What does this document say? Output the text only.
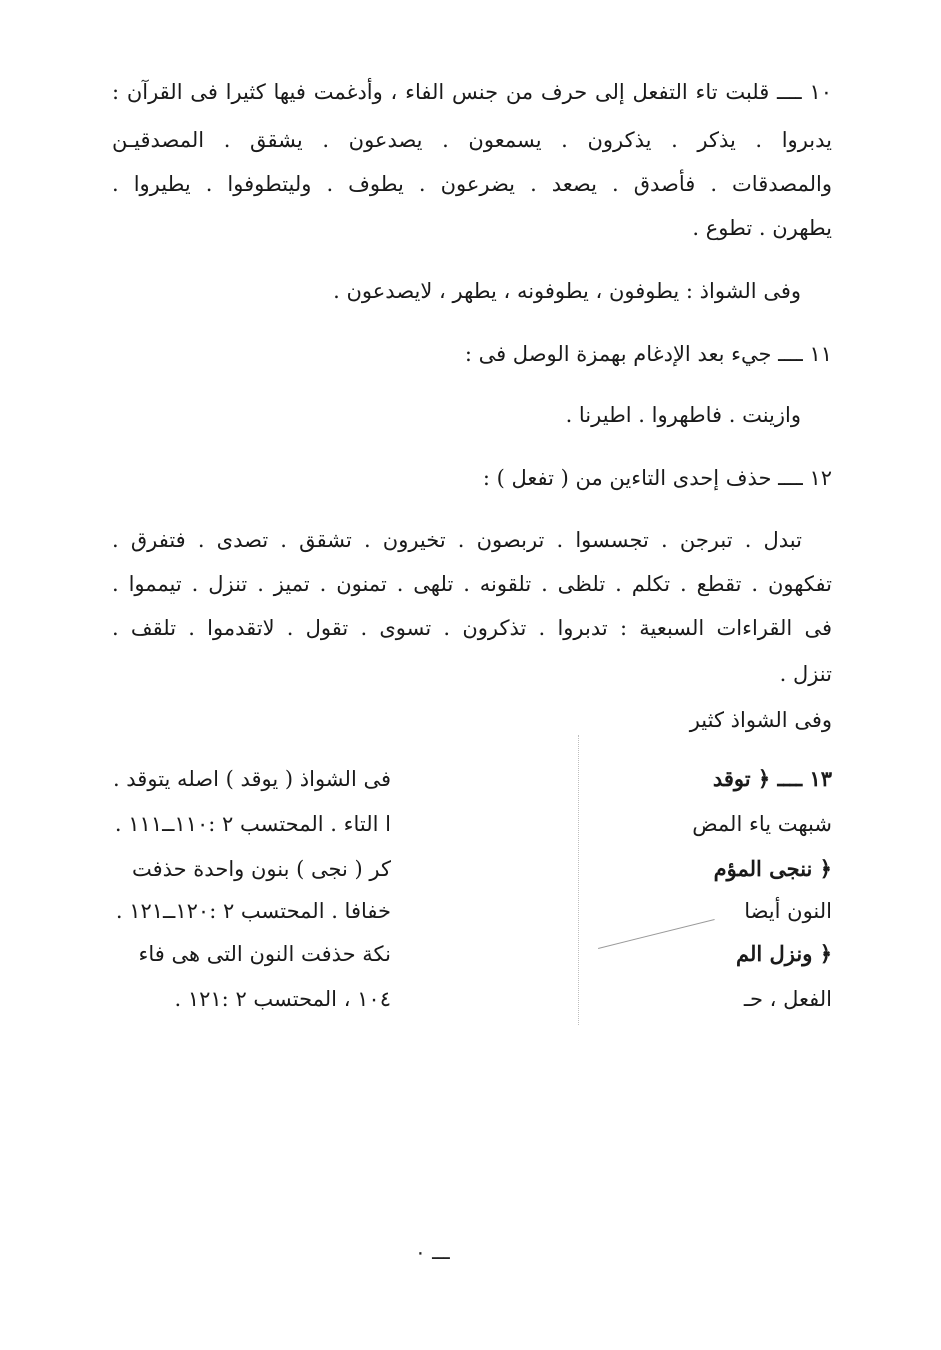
١٠ ــــ قلبت تاء التفعل إلى حرف من جنس الفاء ، وأدغمت فيها كثيرا فى القرآن :
يدبروا . يذكر . يذكرون . يسمعون . يصدعون . يشقق . المصدقيـن
والمصدقات . فأصدق . يصعد . يضرعون . يطوف . وليتطوفوا . يطيروا .
يطهرن . تطوع .
وفى الشواذ : يطوفون ، يطوفونه ، يطهر ، لايصدعون .
١١ ــــ جيء بعد الإدغام بهمزة الوصل فى :
وازينت . فاطهروا . اطيرنا .
١٢ ــــ حذف إحدى التاءين من ( تفعل ) :
تبدل . تبرجن . تجسسوا . تربصون . تخيرون . تشقق . تصدى . فتفرق .
تفكهون . تقطع . تكلم . تلظى . تلقونه . تلهى . تمنون . تميز . تنزل . تيمموا .
فى القراءات السبعية : تدبروا . تذكرون . تسوى . تقول . لاتقدموا . تلقف .
تنزل .
وفى الشواذ كثير
١٣ ــــ ﴿ توقد
شبهت ياء المض
﴿ ننجى المؤم
النون أيضا
﴿ ونزل الم
الفعل ، حـ
فى الشواذ ( يوقد ) اصله يتوقد .
ا التاء . المحتسب ٢ :١١٠ــ١١١ .
كر ( نجى ) بنون واحدة حذفت
خفافا . المحتسب ٢ :١٢٠ــ١٢١ .
نكة حذفت النون التى هى فاء
١٠٤ ، المحتسب ٢ :١٢١ .
ـــ ٠
